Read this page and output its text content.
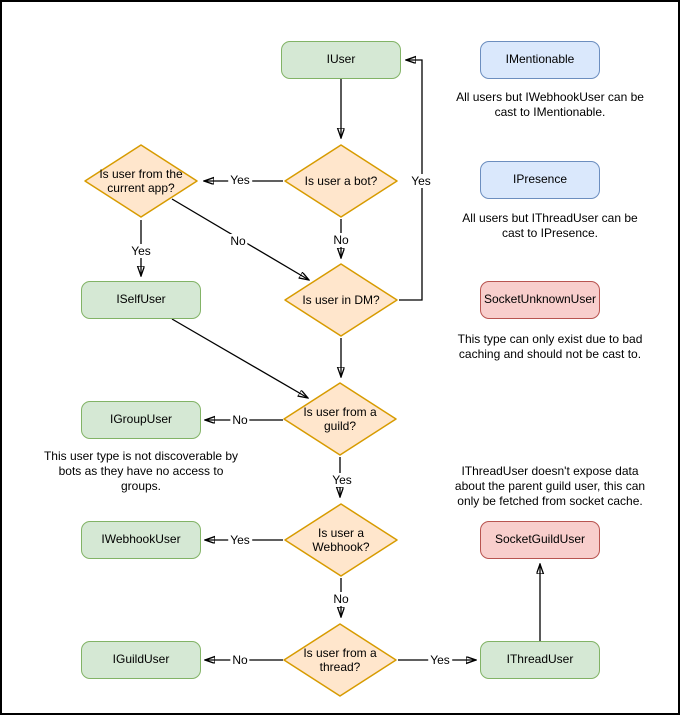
IUser	IMentionable
IPresence
SocketUnknownUser
ISelfUser
IGroupUser
IWebhookUser	SocketGuildUser
IGuildUser	IThreadUser
Is user a bot?
Is user from the current app?
Is user in DM?
Is user from a guild?
Is user a Webhook?
Is user from a thread?
All users but IWebhookUser can be
cast to IMentionable.
All users but IThreadUser can be
cast to IPresence.
This type can only exist due to bad
caching and should not be cast to.
This user type is not discoverable by
bots as they have no access to
groups.
IThreadUser doesn't expose data
about the parent guild user, this can
only be fetched from socket cache.
Yes	Yes
Yes
No	No
No
Yes
Yes
No
No	Yes
